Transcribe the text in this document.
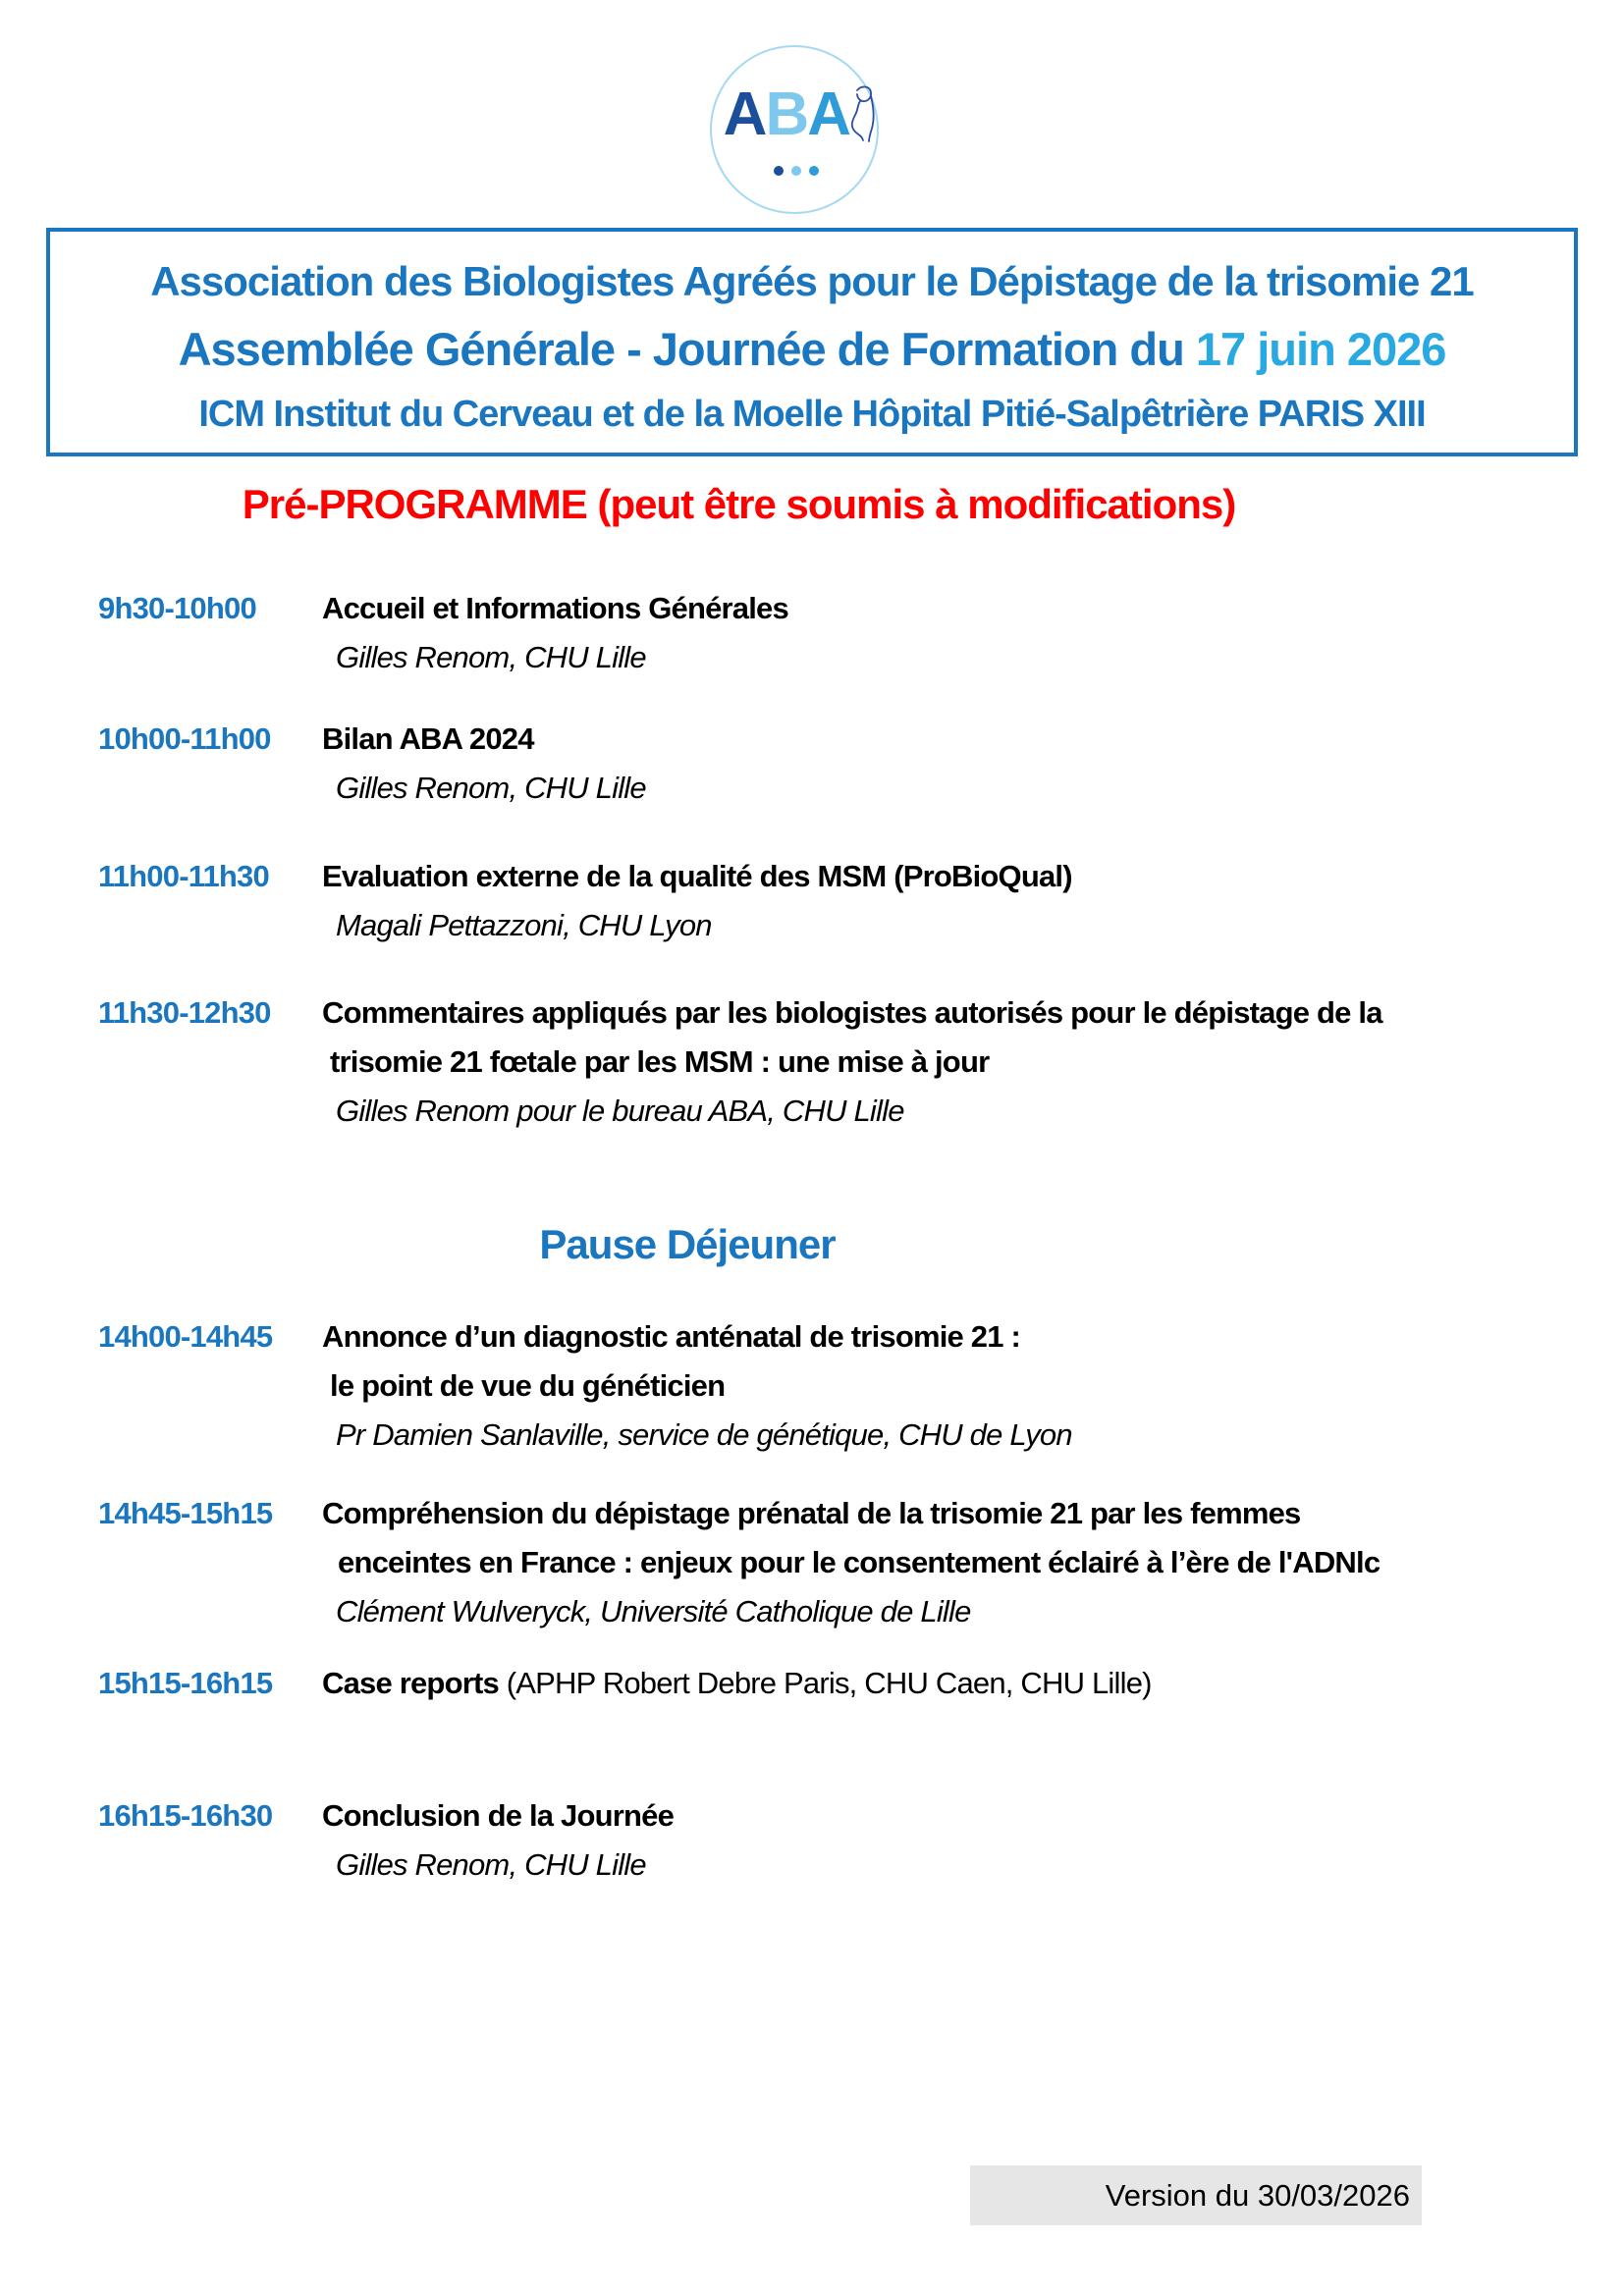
ABA
Association des Biologistes Agréés pour le Dépistage de la trisomie 21
Assemblée Générale - Journée de Formation du 17 juin 2026
ICM Institut du Cerveau et de la Moelle Hôpital Pitié-Salpêtrière PARIS XIII
Pré-PROGRAMME (peut être soumis à modifications)
9h30-10h00	Accueil et Informations Générales
Gilles Renom, CHU Lille
10h00-11h00	Bilan ABA 2024
Gilles Renom, CHU Lille
11h00-11h30	Evaluation externe de la qualité des MSM (ProBioQual)
Magali Pettazzoni, CHU Lyon
11h30-12h30	Commentaires appliqués par les biologistes autorisés pour le dépistage de la
trisomie 21 fœtale par les MSM : une mise à jour
Gilles Renom pour le bureau ABA, CHU Lille
Pause Déjeuner
14h00-14h45	Annonce d’un diagnostic anténatal de trisomie 21 :
le point de vue du généticien
Pr Damien Sanlaville, service de génétique, CHU de Lyon
14h45-15h15	Compréhension du dépistage prénatal de la trisomie 21 par les femmes
enceintes en France : enjeux pour le consentement éclairé à l’ère de l'ADNlc
Clément Wulveryck, Université Catholique de Lille
15h15-16h15	Case reports (APHP Robert Debre Paris, CHU Caen, CHU Lille)
16h15-16h30	Conclusion de la Journée
Gilles Renom, CHU Lille
Version du 30/03/2026
